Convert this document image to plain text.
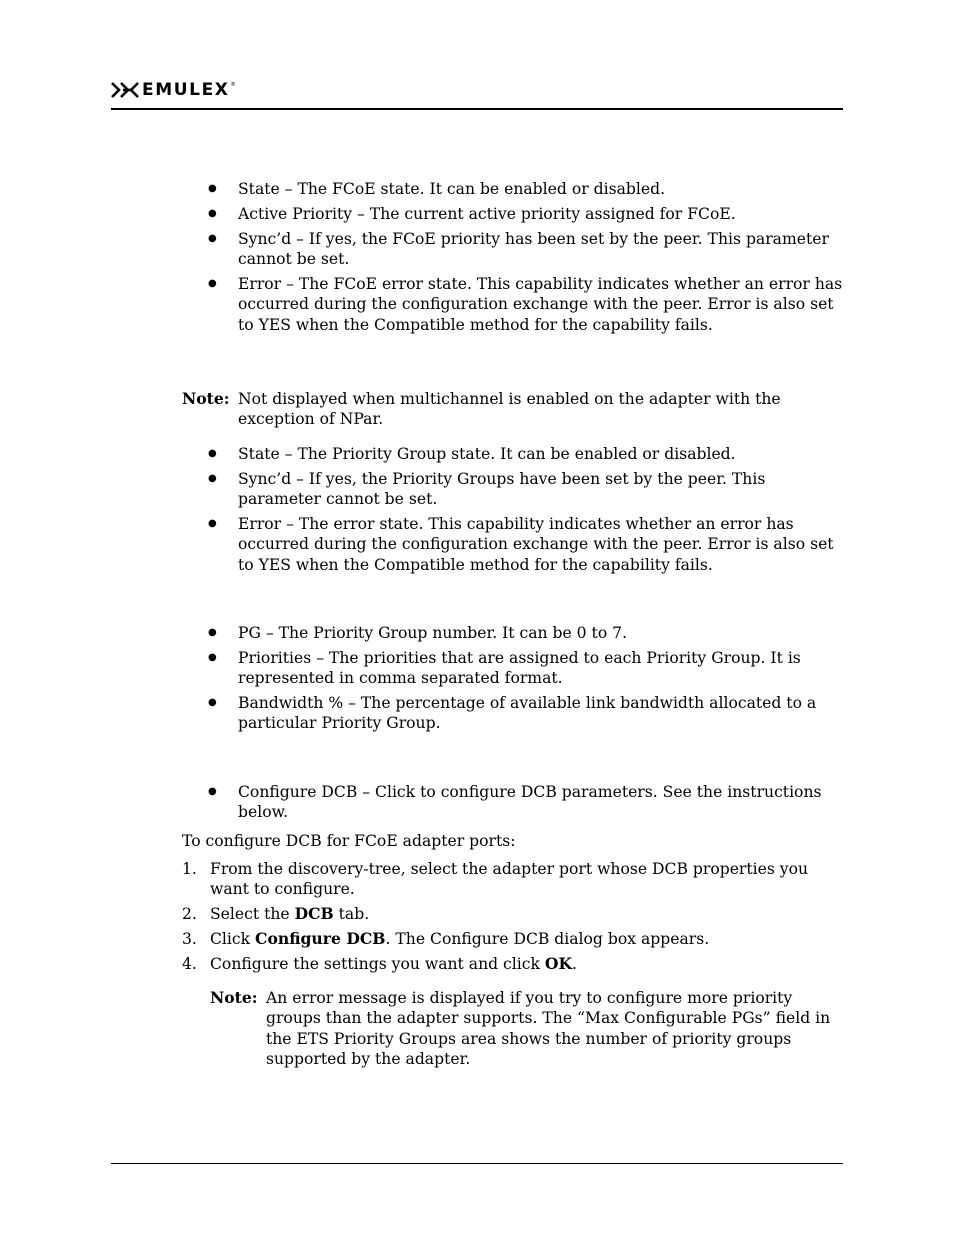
EMULEX ®
● State – The FCoE state. It can be enabled or disabled.

● Active Priority – The current active priority assigned for FCoE.

● Sync’d – If yes, the FCoE priority has been set by the peer. This parameter cannot be set.

● Error – The FCoE error state. This capability indicates whether an error has occurred during the configuration exchange with the peer. Error is also set to YES when the Compatible method for the capability fails.

Note: Not displayed when multichannel is enabled on the adapter with the exception of NPar.

● State – The Priority Group state. It can be enabled or disabled.

● Sync’d – If yes, the Priority Groups have been set by the peer. This parameter cannot be set.

● Error – The error state. This capability indicates whether an error has occurred during the configuration exchange with the peer. Error is also set to YES when the Compatible method for the capability fails.

● PG – The Priority Group number. It can be 0 to 7.

● Priorities – The priorities that are assigned to each Priority Group. It is represented in comma separated format.

● Bandwidth % – The percentage of available link bandwidth allocated to a particular Priority Group.

● Configure DCB – Click to configure DCB parameters. See the instructions below.

To configure DCB for FCoE adapter ports:

1. From the discovery-tree, select the adapter port whose DCB properties you want to configure.

2. Select the DCB tab.

3. Click Configure DCB. The Configure DCB dialog box appears.

4. Configure the settings you want and click OK.

Note: An error message is displayed if you try to configure more priority groups than the adapter supports. The “Max Configurable PGs” field in the ETS Priority Groups area shows the number of priority groups supported by the adapter.
